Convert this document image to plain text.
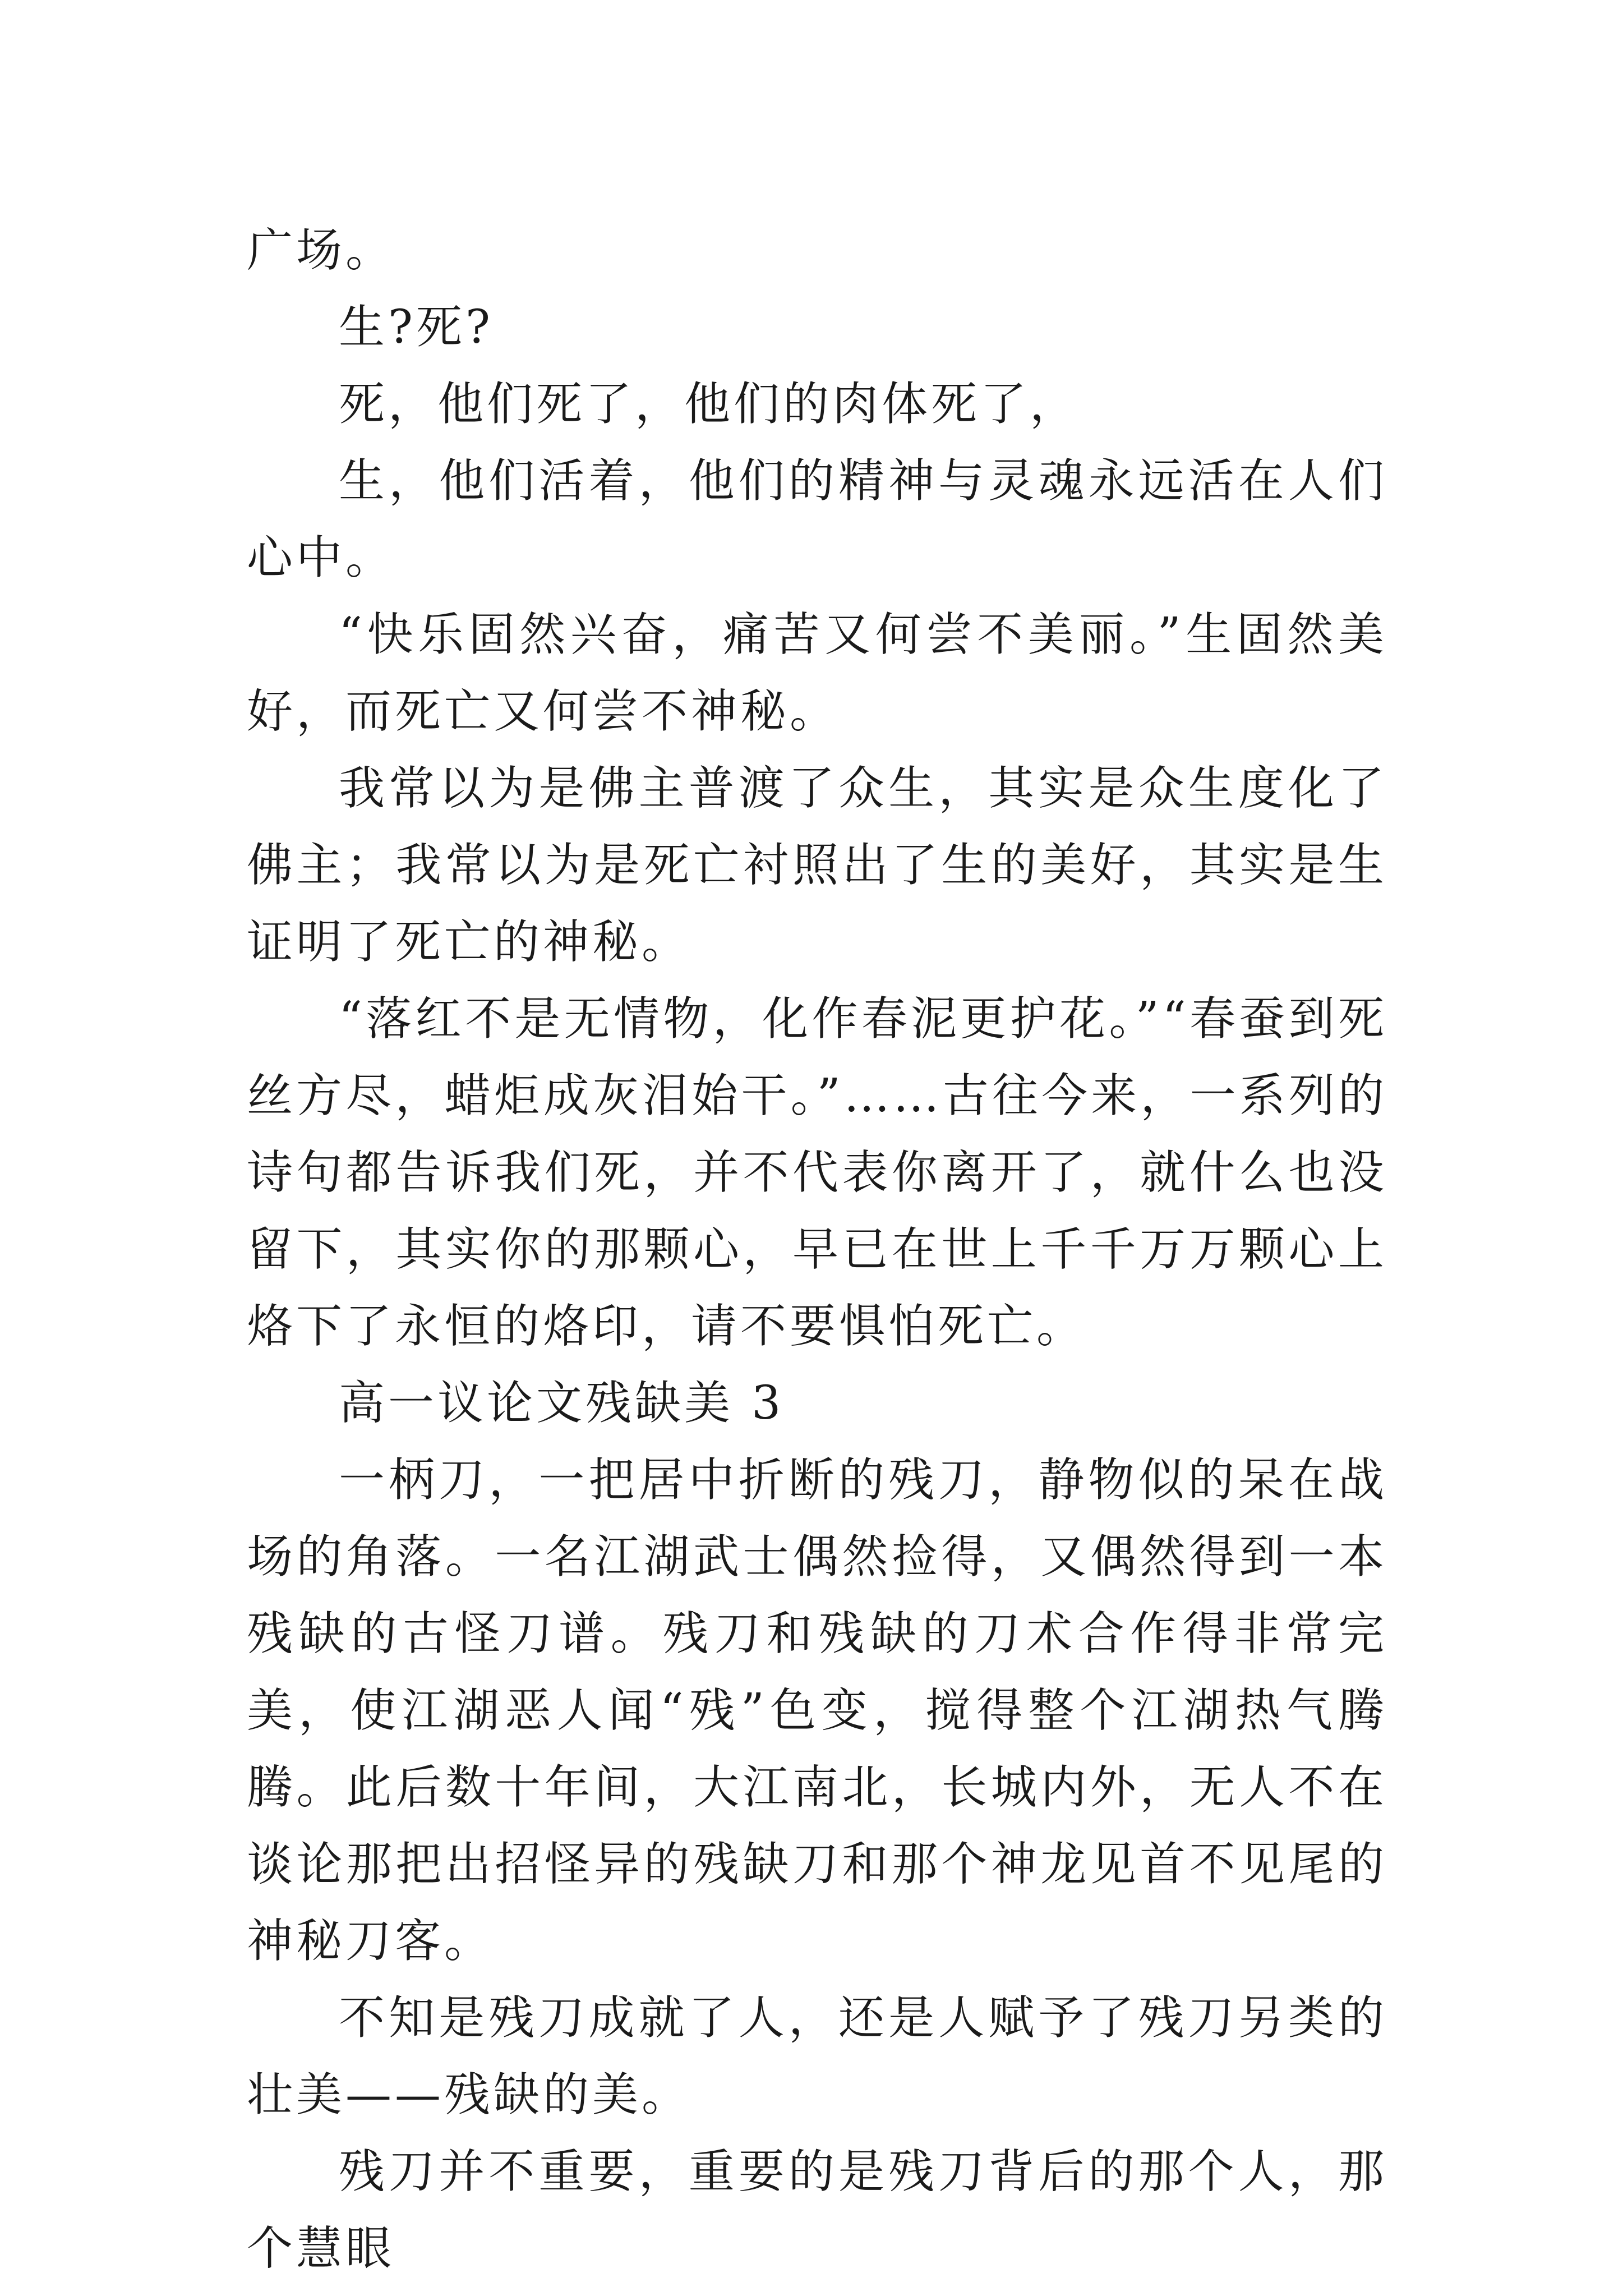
广场。

生?死?

死，他们死了，他们的肉体死了，

生，他们活着，他们的精神与灵魂永远活在人们心中。

“快乐固然兴奋，痛苦又何尝不美丽。”生固然美好，而死亡又何尝不神秘。

我常以为是佛主普渡了众生，其实是众生度化了佛主；我常以为是死亡衬照出了生的美好，其实是生证明了死亡的神秘。

“落红不是无情物，化作春泥更护花。”“春蚕到死丝方尽，蜡炬成灰泪始干。”……古往今来，一系列的诗句都告诉我们死，并不代表你离开了，就什么也没留下，其实你的那颗心，早已在世上千千万万颗心上烙下了永恒的烙印，请不要惧怕死亡。

高一议论文残缺美 3

一柄刀，一把居中折断的残刀，静物似的呆在战场的角落。一名江湖武士偶然捡得，又偶然得到一本残缺的古怪刀谱。残刀和残缺的刀术合作得非常完美，使江湖恶人闻“残”色变，搅得整个江湖热气腾腾。此后数十年间，大江南北，长城内外，无人不在谈论那把出招怪异的残缺刀和那个神龙见首不见尾的神秘刀客。

不知是残刀成就了人，还是人赋予了残刀另类的壮美——残缺的美。

残刀并不重要，重要的是残刀背后的那个人，那个慧眼
